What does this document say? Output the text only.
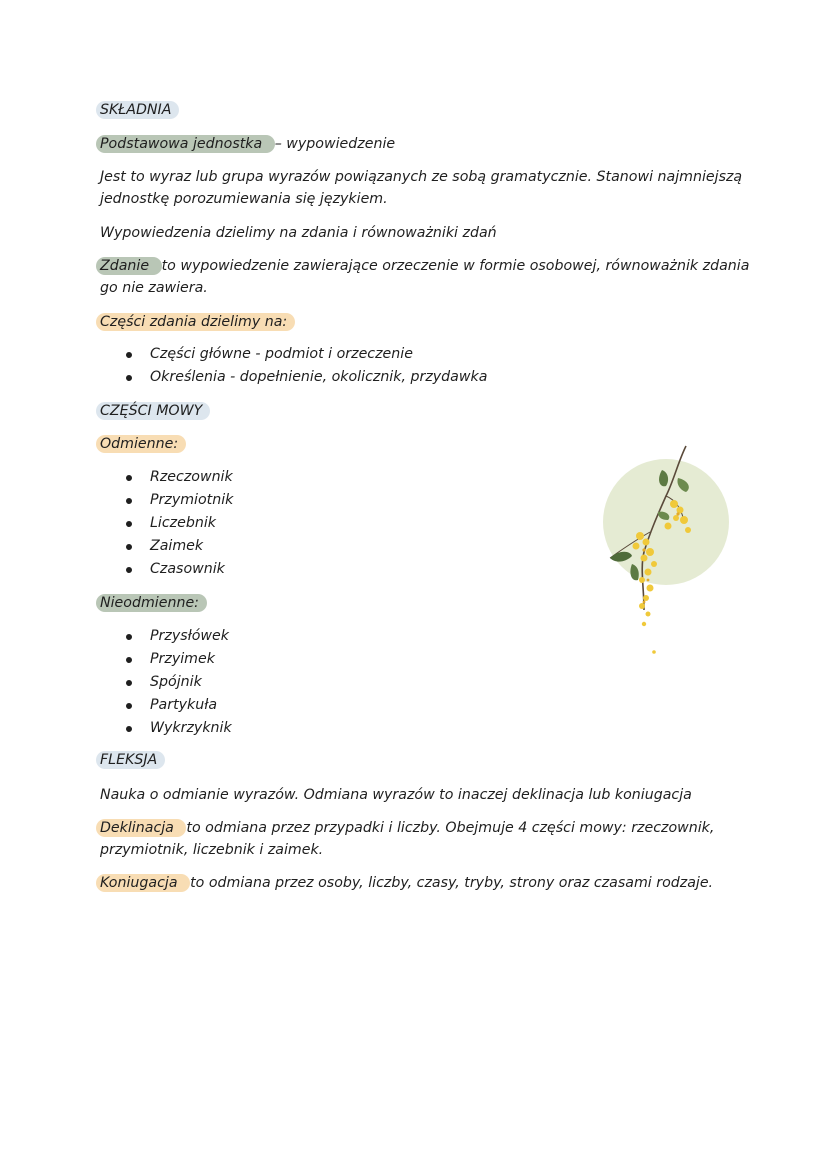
SKŁADNIA

Podstawowa jednostka – wypowiedzenie

Jest to wyraz lub grupa wyrazów powiązanych ze sobą gramatycznie. Stanowi najmniejszą

jednostkę porozumiewania się językiem.

Wypowiedzenia dzielimy na zdania i równoważniki zdań

Zdanie to wypowiedzenie zawierające orzeczenie w formie osobowej, równoważnik zdania

go nie zawiera.

Części zdania dzielimy na:

Części główne - podmiot i orzeczenie
Określenia - dopełnienie, okolicznik, przydawka

CZĘŚCI MOWY

Odmienne:

Rzeczownik
Przymiotnik
Liczebnik
Zaimek
Czasownik

Nieodmienne:

Przysłówek
Przyimek
Spójnik
Partykuła
Wykrzyknik

FLEKSJA

Nauka o odmianie wyrazów. Odmiana wyrazów to inaczej deklinacja lub koniugacja

Deklinacja to odmiana przez przypadki i liczby. Obejmuje 4 części mowy: rzeczownik,

przymiotnik, liczebnik i zaimek.

Koniugacja to odmiana przez osoby, liczby, czasy, tryby, strony oraz czasami rodzaje.
